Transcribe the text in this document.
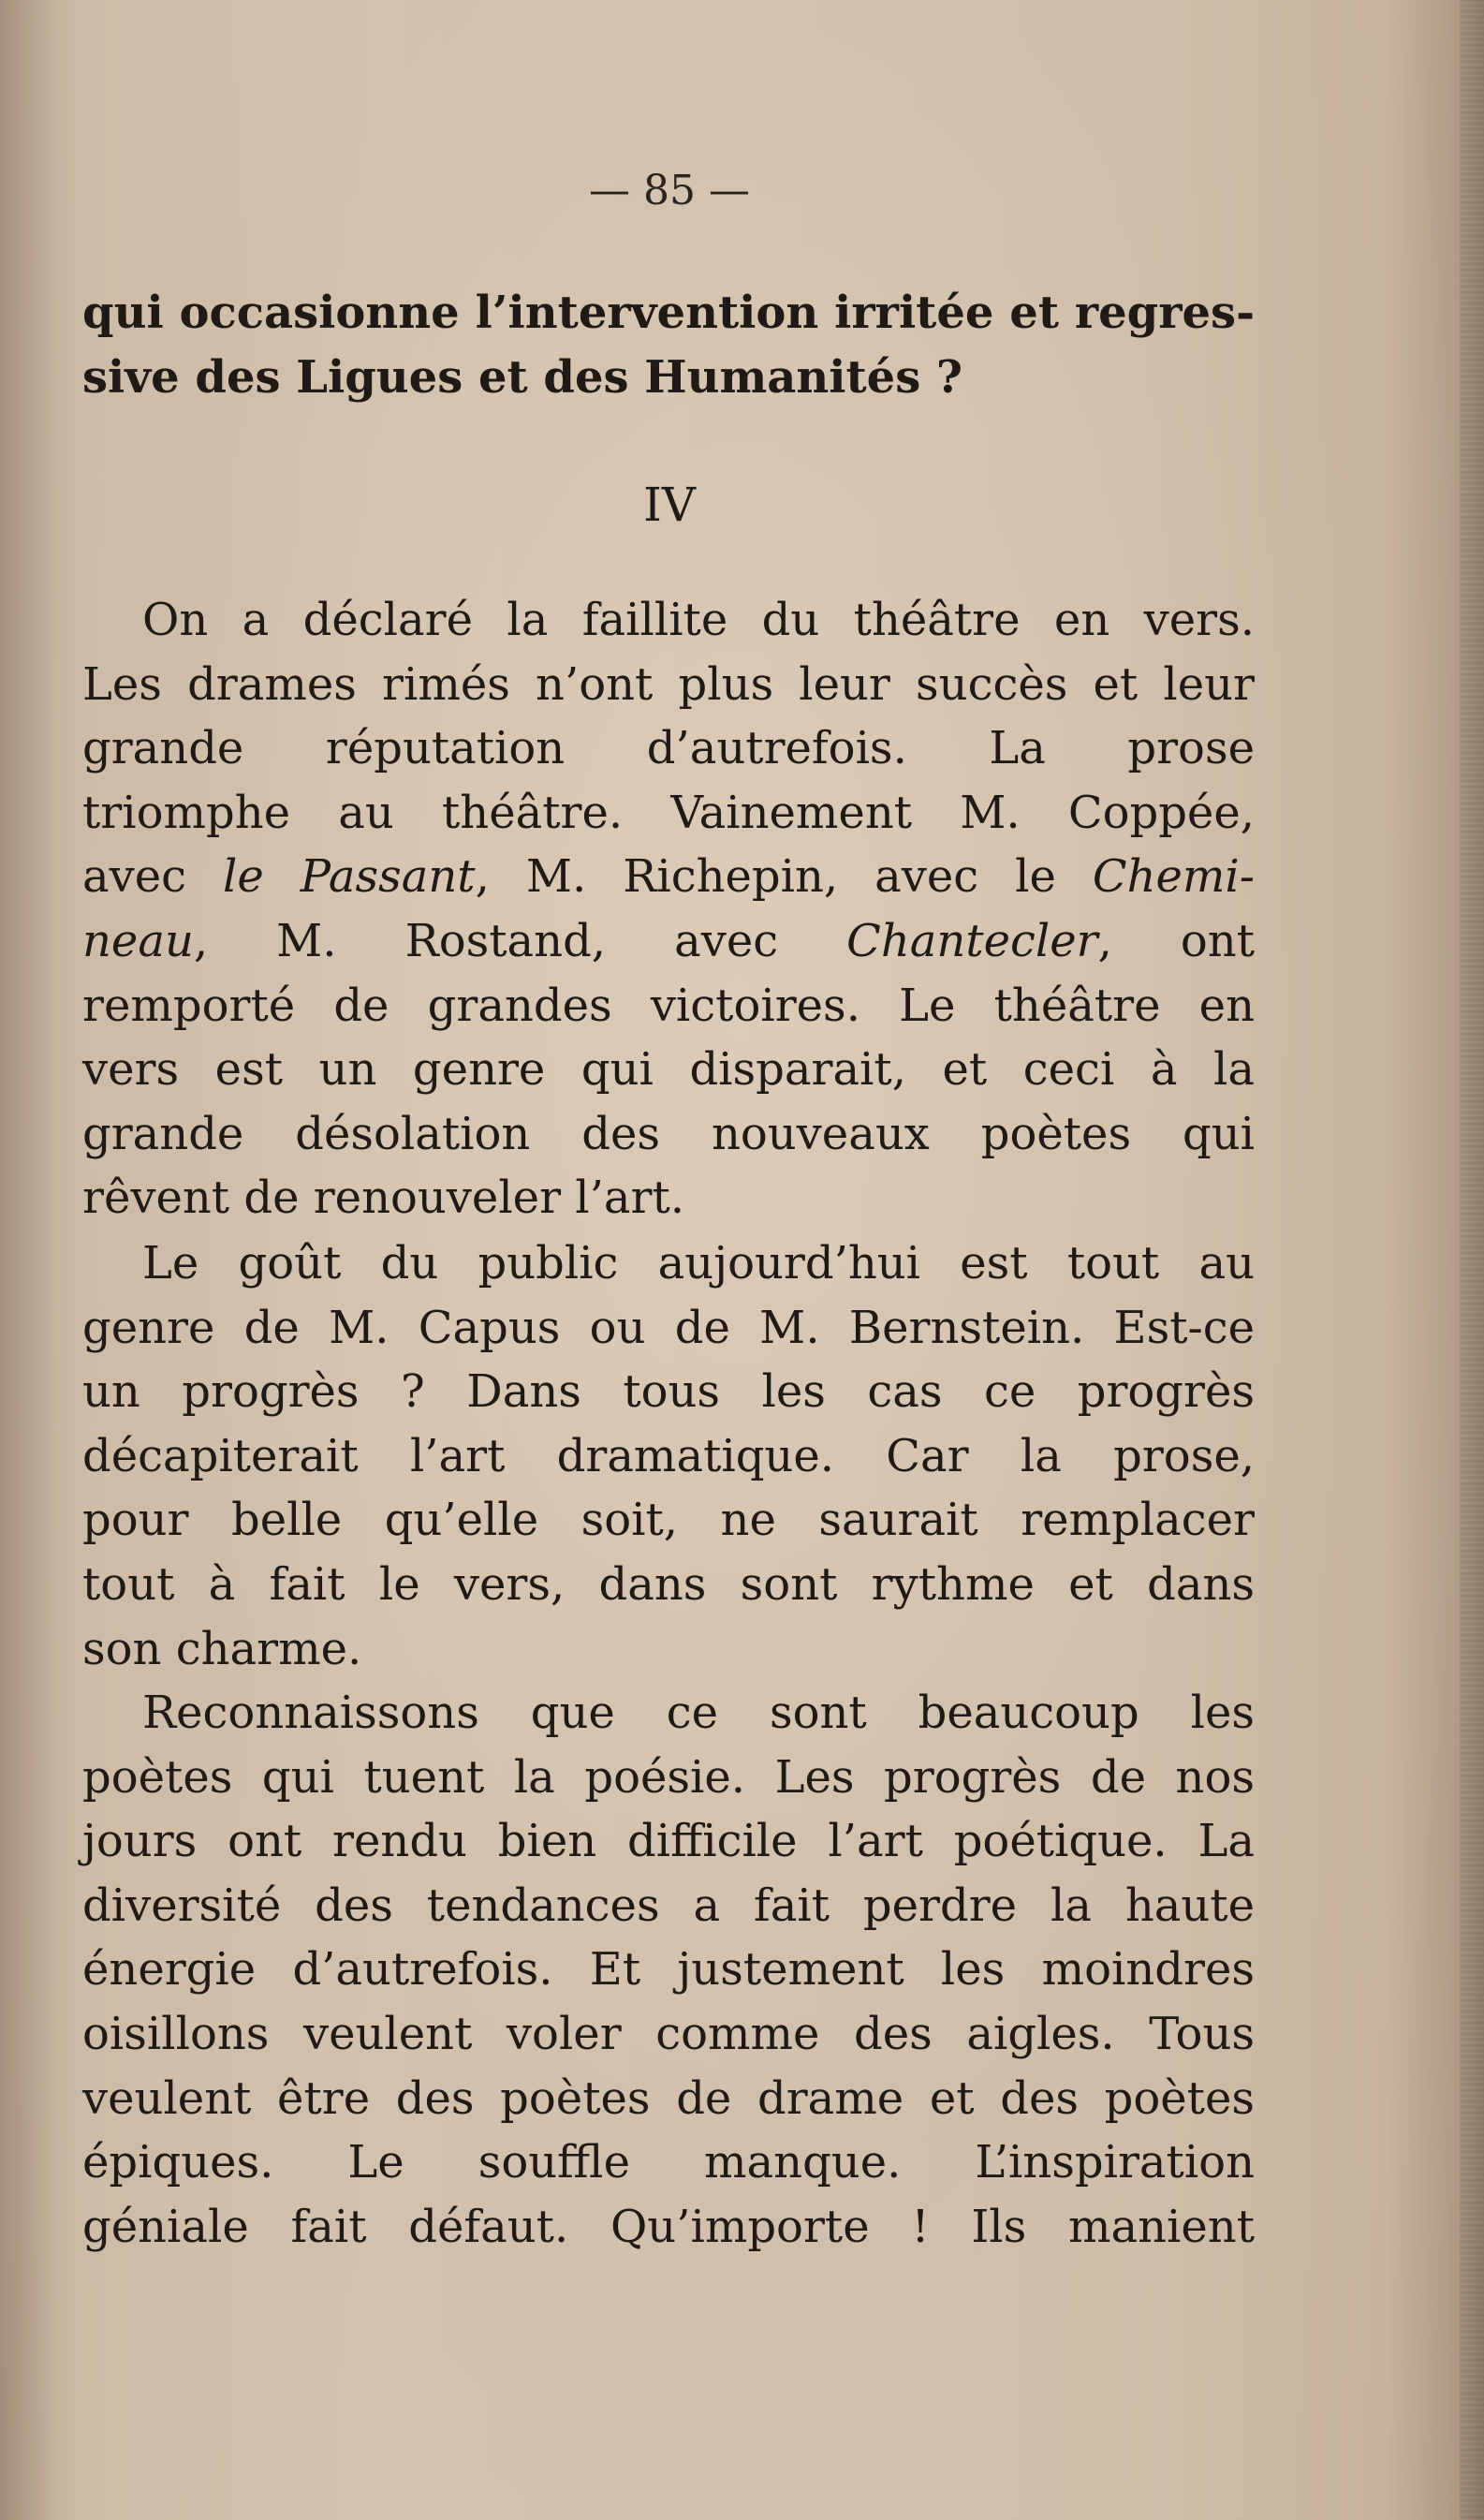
— 85 —
qui occasionne l’intervention irritée et regres-
sive des Ligues et des Humanités ?
IV
On a déclaré la faillite du théâtre en vers.
Les drames rimés n’ont plus leur succès et leur
grande réputation d’autrefois. La prose
triomphe au théâtre. Vainement M. Coppée,
avec le Passant, M. Richepin, avec le Chemi-
neau, M. Rostand, avec Chantecler, ont
remporté de grandes victoires. Le théâtre en
vers est un genre qui disparait, et ceci à la
grande désolation des nouveaux poètes qui
rêvent de renouveler l’art.
Le goût du public aujourd’hui est tout au
genre de M. Capus ou de M. Bernstein. Est-ce
un progrès ? Dans tous les cas ce progrès
décapiterait l’art dramatique. Car la prose,
pour belle qu’elle soit, ne saurait remplacer
tout à fait le vers, dans sont rythme et dans
son charme.
Reconnaissons que ce sont beaucoup les
poètes qui tuent la poésie. Les progrès de nos
jours ont rendu bien difficile l’art poétique. La
diversité des tendances a fait perdre la haute
énergie d’autrefois. Et justement les moindres
oisillons veulent voler comme des aigles. Tous
veulent être des poètes de drame et des poètes
épiques. Le souffle manque. L’inspiration
géniale fait défaut. Qu’importe ! Ils manient
